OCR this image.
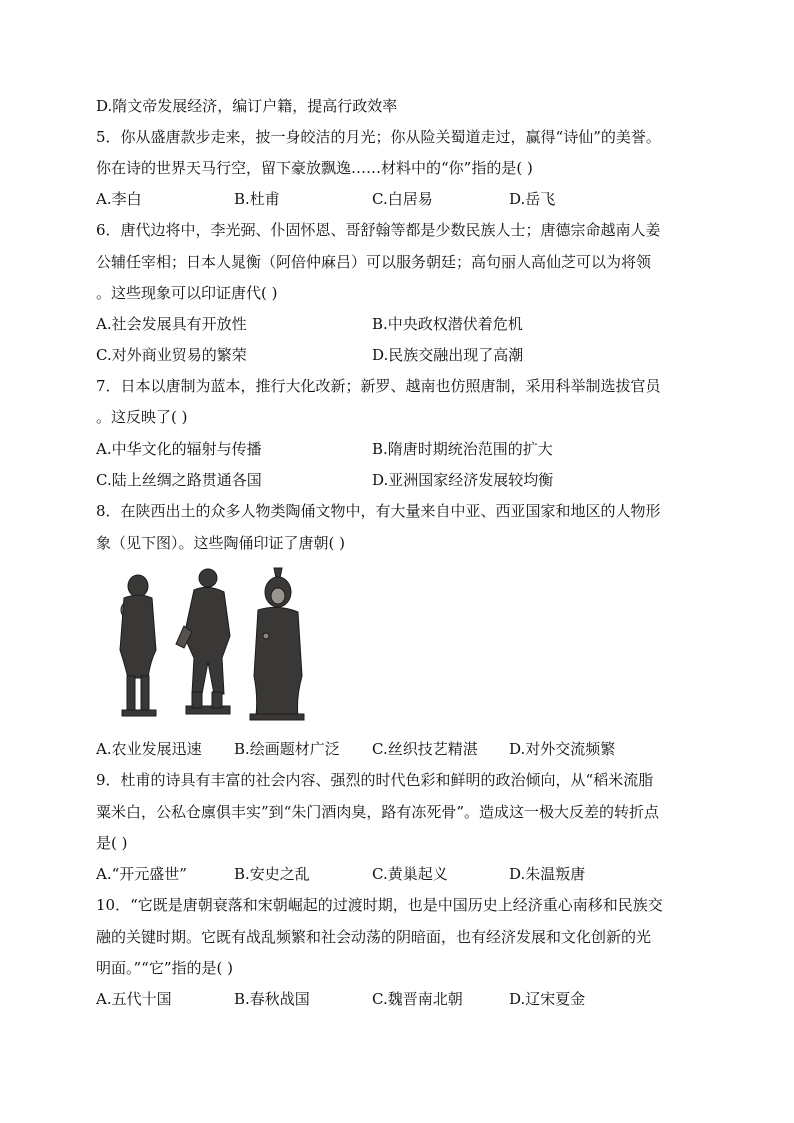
D.隋文帝发展经济，编订户籍，提高行政效率
5．你从盛唐款步走来，披一身皎洁的月光；你从险关蜀道走过，赢得“诗仙”的美誉。
你在诗的世界天马行空，留下豪放飘逸……材料中的“你”指的是( )
A.李白	B.杜甫	C.白居易	D.岳飞
6．唐代边将中，李光弼、仆固怀恩、哥舒翰等都是少数民族人士；唐德宗命越南人姜
公辅任宰相；日本人晁衡（阿倍仲麻吕）可以服务朝廷；高句丽人高仙芝可以为将领
。这些现象可以印证唐代( )
A.社会发展具有开放性	B.中央政权潜伏着危机
C.对外商业贸易的繁荣	D.民族交融出现了高潮
7．日本以唐制为蓝本，推行大化改新；新罗、越南也仿照唐制，采用科举制选拔官员
。这反映了( )
A.中华文化的辐射与传播	B.隋唐时期统治范围的扩大
C.陆上丝绸之路贯通各国	D.亚洲国家经济发展较均衡
8．在陕西出土的众多人物类陶俑文物中，有大量来自中亚、西亚国家和地区的人物形
象（见下图）。这些陶俑印证了唐朝( )
A.农业发展迅速 B.绘画题材广泛 C.丝织技艺精湛 D.对外交流频繁
9．杜甫的诗具有丰富的社会内容、强烈的时代色彩和鲜明的政治倾向，从“稻米流脂
粟米白，公私仓廪俱丰实”到“朱门酒肉臭，路有冻死骨”。造成这一极大反差的转折点
是( )
A.“开元盛世”	B.安史之乱	C.黄巢起义	D.朱温叛唐
10．“它既是唐朝衰落和宋朝崛起的过渡时期，也是中国历史上经济重心南移和民族交
融的关键时期。它既有战乱频繁和社会动荡的阴暗面，也有经济发展和文化创新的光
明面。”“它”指的是( )
A.五代十国	B.春秋战国	C.魏晋南北朝	D.辽宋夏金
